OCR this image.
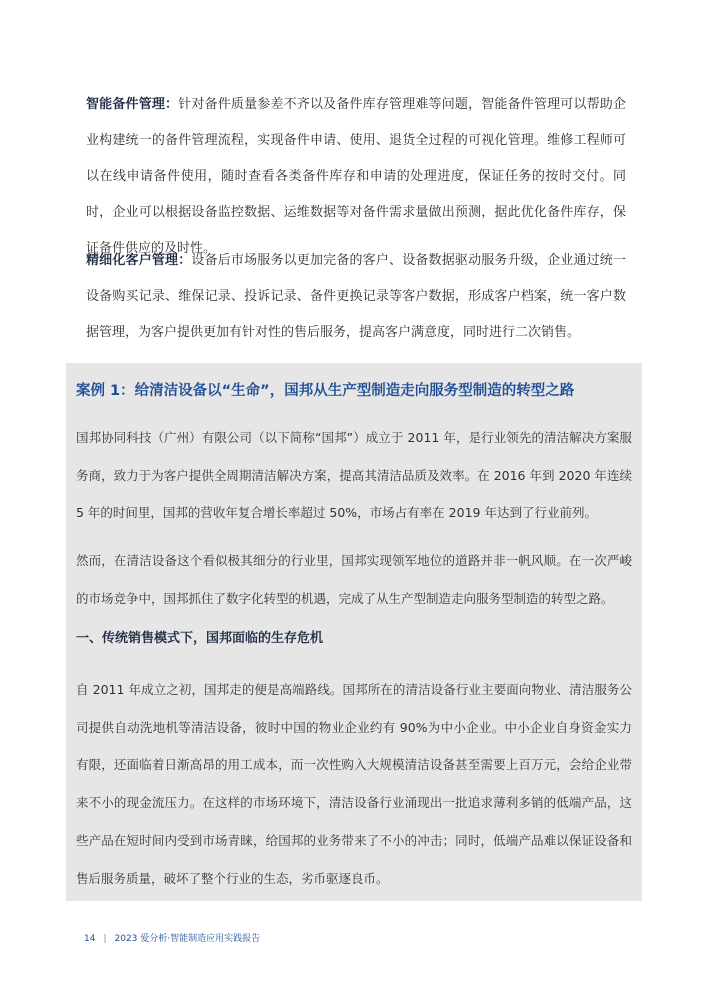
智能备件管理：针对备件质量参差不齐以及备件库存管理难等问题，智能备件管理可以帮助企业构建统一的备件管理流程，实现备件申请、使用、退货全过程的可视化管理。维修工程师可以在线申请备件使用，随时查看各类备件库存和申请的处理进度，保证任务的按时交付。同时，企业可以根据设备监控数据、运维数据等对备件需求量做出预测，据此优化备件库存，保证备件供应的及时性。

精细化客户管理：设备后市场服务以更加完备的客户、设备数据驱动服务升级，企业通过统一设备购买记录、维保记录、投诉记录、备件更换记录等客户数据，形成客户档案，统一客户数据管理，为客户提供更加有针对性的售后服务，提高客户满意度，同时进行二次销售。

案例 1：给清洁设备以“生命”，国邦从生产型制造走向服务型制造的转型之路

国邦协同科技（广州）有限公司（以下简称“国邦”）成立于 2011 年，是行业领先的清洁解决方案服务商，致力于为客户提供全周期清洁解决方案，提高其清洁品质及效率。在 2016 年到 2020 年连续 5 年的时间里，国邦的营收年复合增长率超过 50%，市场占有率在 2019 年达到了行业前列。

然而，在清洁设备这个看似极其细分的行业里，国邦实现领军地位的道路并非一帆风顺。在一次严峻的市场竞争中，国邦抓住了数字化转型的机遇，完成了从生产型制造走向服务型制造的转型之路。

一、传统销售模式下，国邦面临的生存危机

自 2011 年成立之初，国邦走的便是高端路线。国邦所在的清洁设备行业主要面向物业、清洁服务公司提供自动洗地机等清洁设备，彼时中国的物业企业约有 90%为中小企业。中小企业自身资金实力有限，还面临着日渐高昂的用工成本，而一次性购入大规模清洁设备甚至需要上百万元，会给企业带来不小的现金流压力。在这样的市场环境下，清洁设备行业涌现出一批追求薄利多销的低端产品，这些产品在短时间内受到市场青睐，给国邦的业务带来了不小的冲击；同时，低端产品难以保证设备和售后服务质量，破坏了整个行业的生态，劣币驱逐良币。

14 | 2023 爱分析·智能制造应用实践报告
